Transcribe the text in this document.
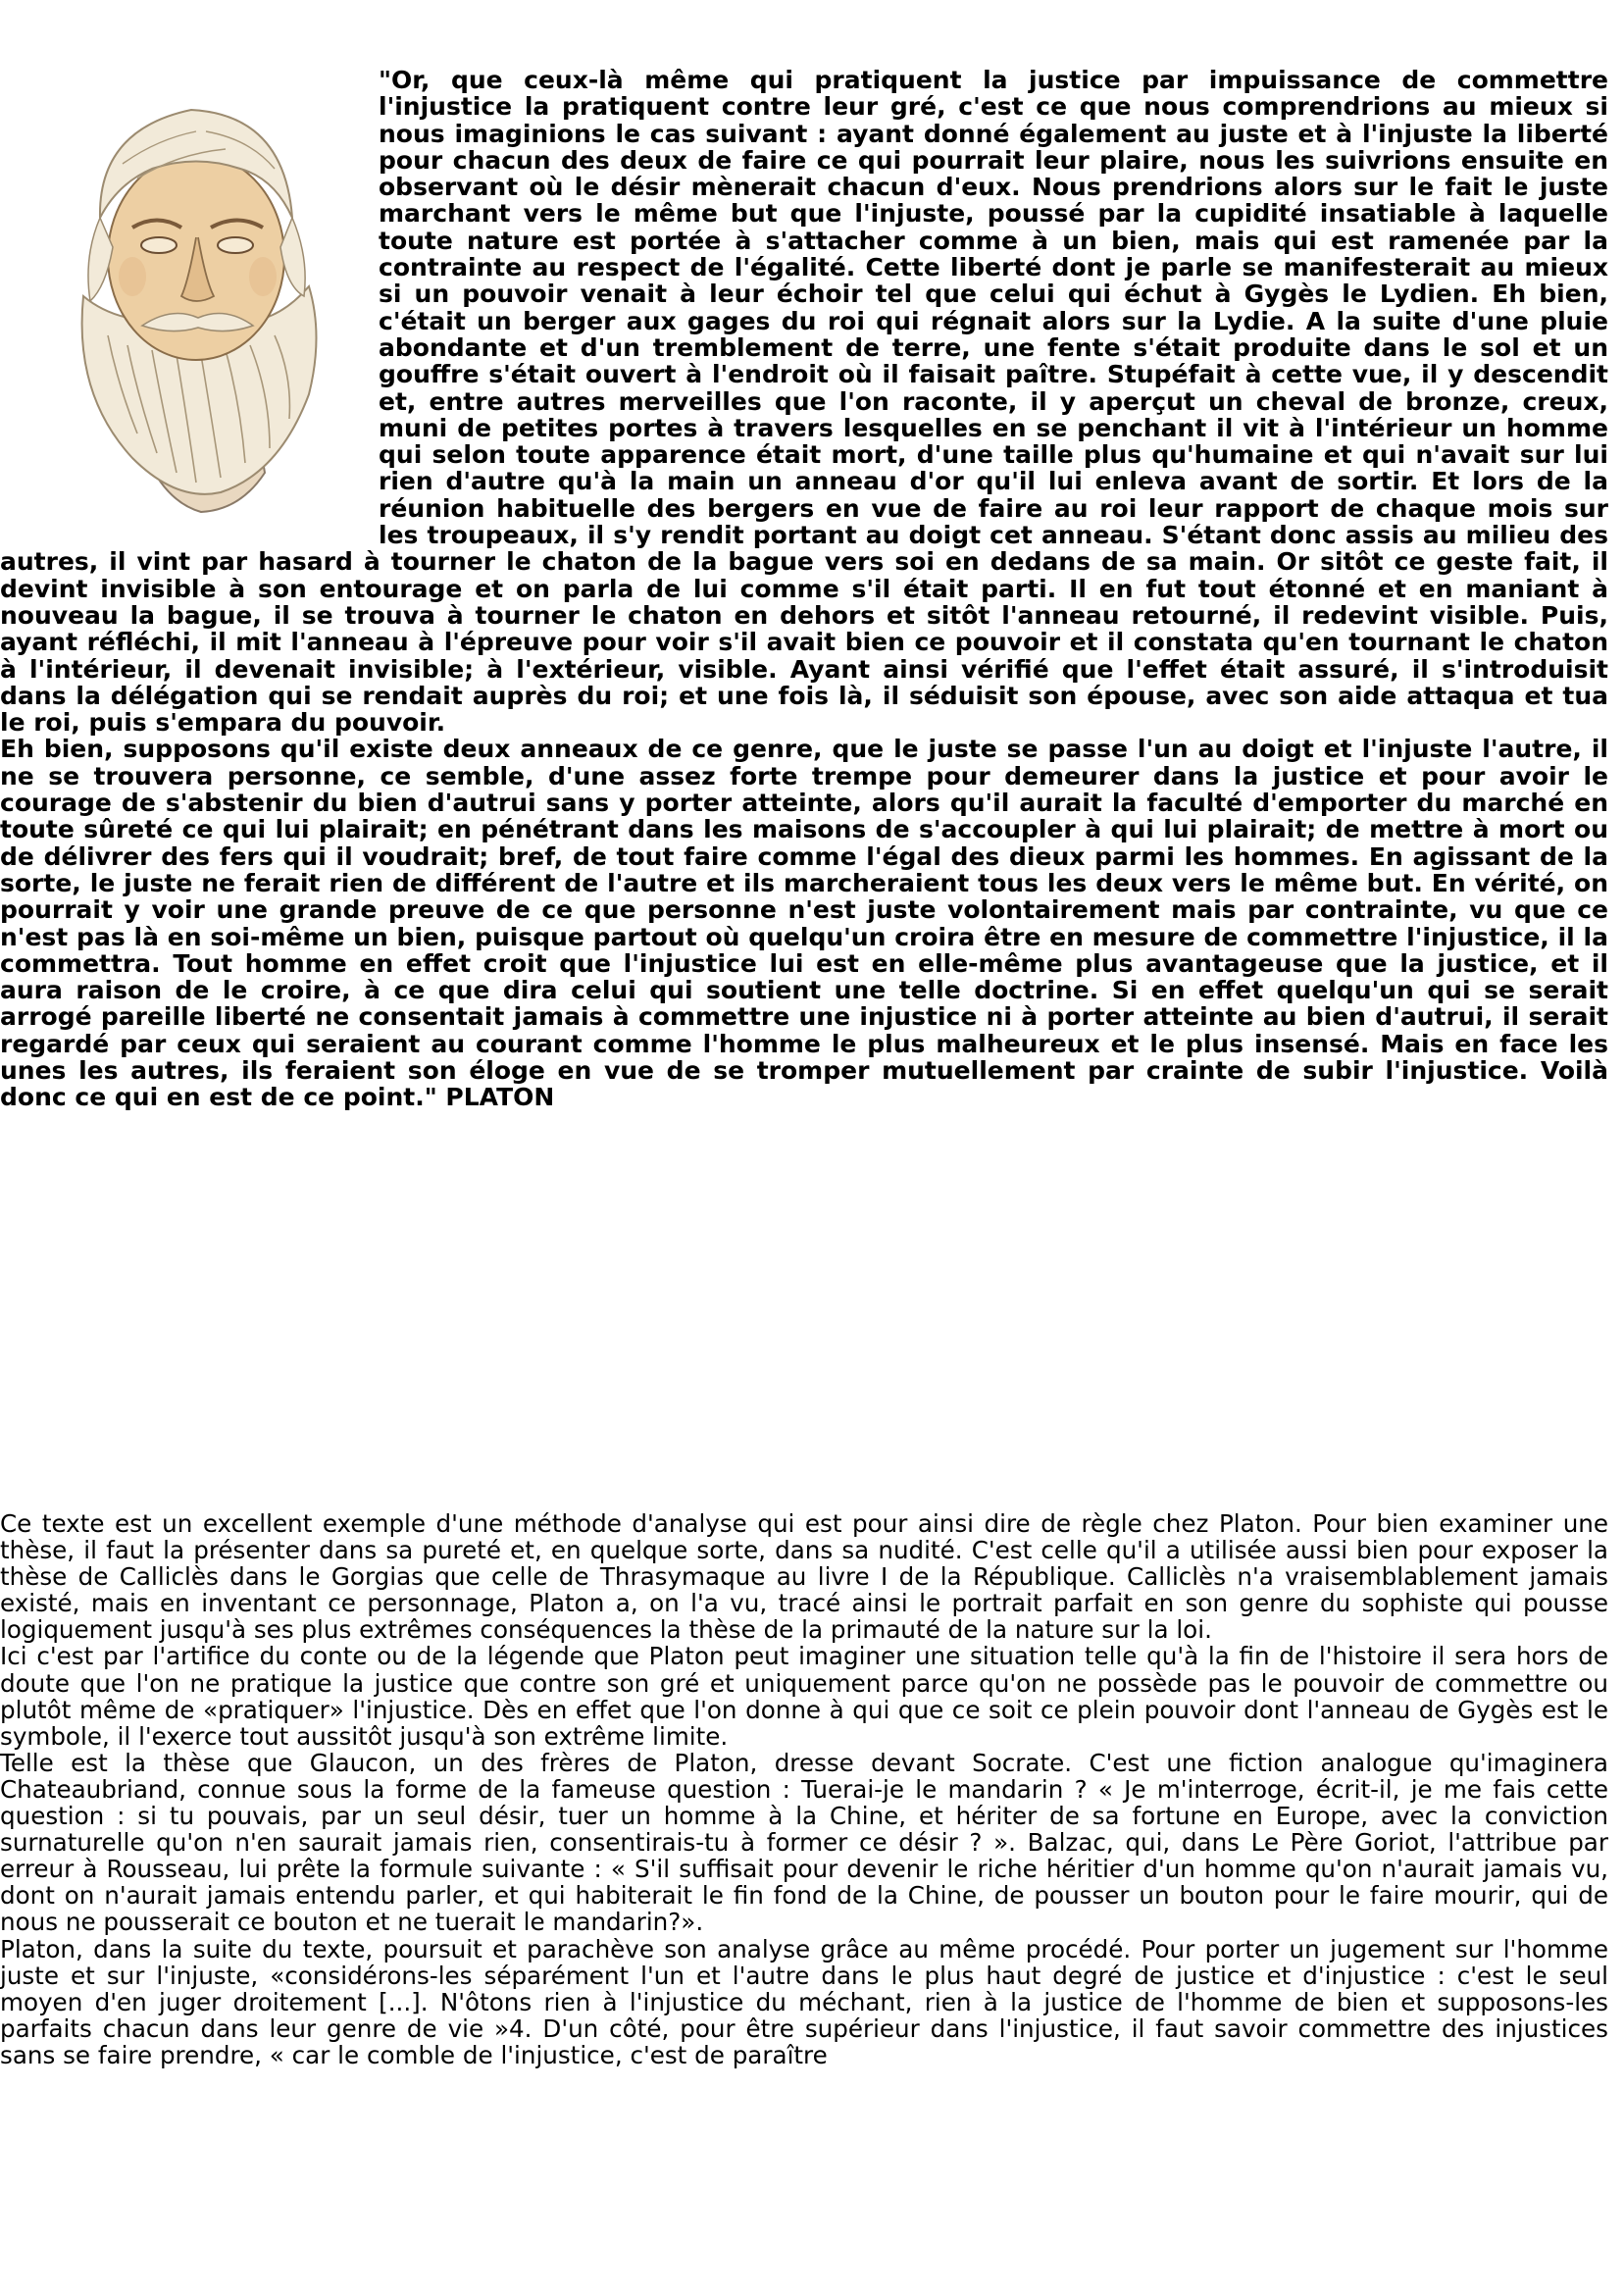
"Or, que ceux-là même qui pratiquent la justice par impuissance de commettre l'injustice la pratiquent contre leur gré, c'est ce que nous comprendrions au mieux si nous imaginions le cas suivant : ayant donné également au juste et à l'injuste la liberté pour chacun des deux de faire ce qui pourrait leur plaire, nous les suivrions ensuite en observant où le désir mènerait chacun d'eux. Nous prendrions alors sur le fait le juste marchant vers le même but que l'injuste, poussé par la cupidité insatiable à laquelle toute nature est portée à s'attacher comme à un bien, mais qui est ramenée par la contrainte au respect de l'égalité. Cette liberté dont je parle se manifesterait au mieux si un pouvoir venait à leur échoir tel que celui qui échut à Gygès le Lydien. Eh bien, c'était un berger aux gages du roi qui régnait alors sur la Lydie. A la suite d'une pluie abondante et d'un tremblement de terre, une fente s'était produite dans le sol et un gouffre s'était ouvert à l'endroit où il faisait paître. Stupéfait à cette vue, il y descendit et, entre autres merveilles que l'on raconte, il y aperçut un cheval de bronze, creux, muni de petites portes à travers lesquelles en se penchant il vit à l'intérieur un homme qui selon toute apparence était mort, d'une taille plus qu'humaine et qui n'avait sur lui rien d'autre qu'à la main un anneau d'or qu'il lui enleva avant de sortir. Et lors de la réunion habituelle des bergers en vue de faire au roi leur rapport de chaque mois sur les troupeaux, il s'y rendit portant au doigt cet anneau. S'étant donc assis au milieu des autres, il vint par hasard à tourner le chaton de la bague vers soi en dedans de sa main. Or sitôt ce geste fait, il devint invisible à son entourage et on parla de lui comme s'il était parti. Il en fut tout étonné et en maniant à nouveau la bague, il se trouva à tourner le chaton en dehors et sitôt l'anneau retourné, il redevint visible. Puis, ayant réfléchi, il mit l'anneau à l'épreuve pour voir s'il avait bien ce pouvoir et il constata qu'en tournant le chaton à l'intérieur, il devenait invisible; à l'extérieur, visible. Ayant ainsi vérifié que l'effet était assuré, il s'introduisit dans la délégation qui se rendait auprès du roi; et une fois là, il séduisit son épouse, avec son aide attaqua et tua le roi, puis s'empara du pouvoir.

Eh bien, supposons qu'il existe deux anneaux de ce genre, que le juste se passe l'un au doigt et l'injuste l'autre, il ne se trouvera personne, ce semble, d'une assez forte trempe pour demeurer dans la justice et pour avoir le courage de s'abstenir du bien d'autrui sans y porter atteinte, alors qu'il aurait la faculté d'emporter du marché en toute sûreté ce qui lui plairait; en pénétrant dans les maisons de s'accoupler à qui lui plairait; de mettre à mort ou de délivrer des fers qui il voudrait; bref, de tout faire comme l'égal des dieux parmi les hommes. En agissant de la sorte, le juste ne ferait rien de différent de l'autre et ils marcheraient tous les deux vers le même but. En vérité, on pourrait y voir une grande preuve de ce que personne n'est juste volontairement mais par contrainte, vu que ce n'est pas là en soi-même un bien, puisque partout où quelqu'un croira être en mesure de commettre l'injustice, il la commettra. Tout homme en effet croit que l'injustice lui est en elle-même plus avantageuse que la justice, et il aura raison de le croire, à ce que dira celui qui soutient une telle doctrine. Si en effet quelqu'un qui se serait arrogé pareille liberté ne consentait jamais à commettre une injustice ni à porter atteinte au bien d'autrui, il serait regardé par ceux qui seraient au courant comme l'homme le plus malheureux et le plus insensé. Mais en face les unes les autres, ils feraient son éloge en vue de se tromper mutuellement par crainte de subir l'injustice. Voilà donc ce qui en est de ce point." PLATON

Ce texte est un excellent exemple d'une méthode d'analyse qui est pour ainsi dire de règle chez Platon. Pour bien examiner une thèse, il faut la présenter dans sa pureté et, en quelque sorte, dans sa nudité. C'est celle qu'il a utilisée aussi bien pour exposer la thèse de Calliclès dans le Gorgias que celle de Thrasymaque au livre I de la République. Calliclès n'a vraisemblablement jamais existé, mais en inventant ce personnage, Platon a, on l'a vu, tracé ainsi le portrait parfait en son genre du sophiste qui pousse logiquement jusqu'à ses plus extrêmes conséquences la thèse de la primauté de la nature sur la loi.

Ici c'est par l'artifice du conte ou de la légende que Platon peut imaginer une situation telle qu'à la fin de l'histoire il sera hors de doute que l'on ne pratique la justice que contre son gré et uniquement parce qu'on ne possède pas le pouvoir de commettre ou plutôt même de «pratiquer» l'injustice. Dès en effet que l'on donne à qui que ce soit ce plein pouvoir dont l'anneau de Gygès est le symbole, il l'exerce tout aussitôt jusqu'à son extrême limite.

Telle est la thèse que Glaucon, un des frères de Platon, dresse devant Socrate. C'est une fiction analogue qu'imaginera Chateaubriand, connue sous la forme de la fameuse question : Tuerai-je le mandarin ? « Je m'interroge, écrit-il, je me fais cette question : si tu pouvais, par un seul désir, tuer un homme à la Chine, et hériter de sa fortune en Europe, avec la conviction surnaturelle qu'on n'en saurait jamais rien, consentirais-tu à former ce désir ? ». Balzac, qui, dans Le Père Goriot, l'attribue par erreur à Rousseau, lui prête la formule suivante : « S'il suffisait pour devenir le riche héritier d'un homme qu'on n'aurait jamais vu, dont on n'aurait jamais entendu parler, et qui habiterait le fin fond de la Chine, de pousser un bouton pour le faire mourir, qui de nous ne pousserait ce bouton et ne tuerait le mandarin?».

Platon, dans la suite du texte, poursuit et parachève son analyse grâce au même procédé. Pour porter un jugement sur l'homme juste et sur l'injuste, «considérons-les séparément l'un et l'autre dans le plus haut degré de justice et d'injustice : c'est le seul moyen d'en juger droitement [...]. N'ôtons rien à l'injustice du méchant, rien à la justice de l'homme de bien et supposons-les parfaits chacun dans leur genre de vie »4. D'un côté, pour être supérieur dans l'injustice, il faut savoir commettre des injustices sans se faire prendre, « car le comble de l'injustice, c'est de paraître
